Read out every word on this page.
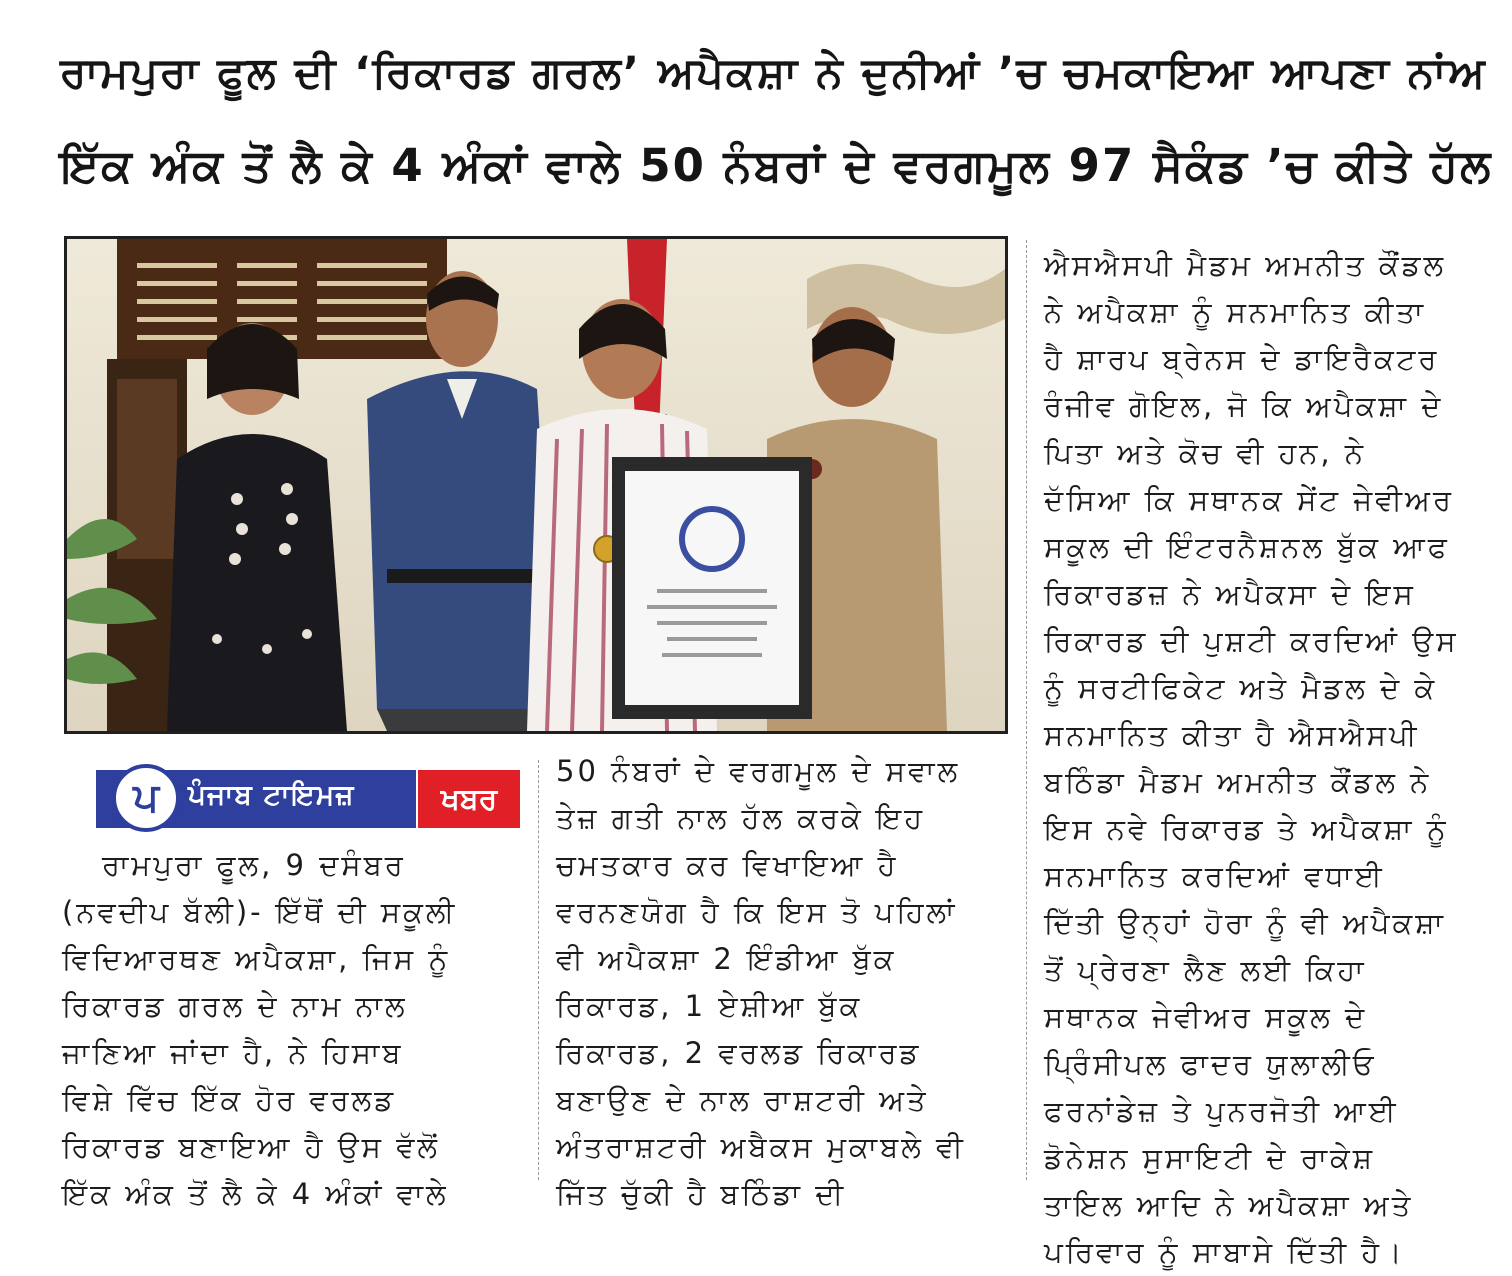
ਰਾਮਪੁਰਾ ਫੂਲ ਦੀ ‘ਰਿਕਾਰਡ ਗਰਲ’ ਅਪੈਕਸ਼ਾ ਨੇ ਦੁਨੀਆਂ ’ਚ ਚਮਕਾਇਆ ਆਪਣਾ ਨਾਂਅ
ਇੱਕ ਅੰਕ ਤੋਂ ਲੈ ਕੇ 4 ਅੰਕਾਂ ਵਾਲੇ 50 ਨੰਬਰਾਂ ਦੇ ਵਰਗਮੂਲ 97 ਸੈਕੰਡ ’ਚ ਕੀਤੇ ਹੱਲ
ਪ ਪੰਜਾਬ ਟਾਇਮਜ਼	ਖਬਰ

ਰਾਮਪੁਰਾ ਫੂਲ, 9 ਦਸੰਬਰ

(ਨਵਦੀਪ ਬੱਲੀ)- ਇੱਥੋਂ ਦੀ ਸਕੂਲੀ

ਵਿਦਿਆਰਥਣ ਅਪੈਕਸ਼ਾ, ਜਿਸ ਨੂੰ

ਰਿਕਾਰਡ ਗਰਲ ਦੇ ਨਾਮ ਨਾਲ

ਜਾਣਿਆ ਜਾਂਦਾ ਹੈ, ਨੇ ਹਿਸਾਬ

ਵਿਸ਼ੇ ਵਿੱਚ ਇੱਕ ਹੋਰ ਵਰਲਡ

ਰਿਕਾਰਡ ਬਣਾਇਆ ਹੈ ਉਸ ਵੱਲੋਂ

ਇੱਕ ਅੰਕ ਤੋਂ ਲੈ ਕੇ 4 ਅੰਕਾਂ ਵਾਲੇ

50 ਨੰਬਰਾਂ ਦੇ ਵਰਗਮੂਲ ਦੇ ਸਵਾਲ

ਤੇਜ਼ ਗਤੀ ਨਾਲ ਹੱਲ ਕਰਕੇ ਇਹ

ਚਮਤਕਾਰ ਕਰ ਵਿਖਾਇਆ ਹੈ

ਵਰਨਣਯੋਗ ਹੈ ਕਿ ਇਸ ਤੋ ਪਹਿਲਾਂ

ਵੀ ਅਪੈਕਸ਼ਾ 2 ਇੰਡੀਆ ਬੁੱਕ

ਰਿਕਾਰਡ, 1 ਏਸ਼ੀਆ ਬੁੱਕ

ਰਿਕਾਰਡ, 2 ਵਰਲਡ ਰਿਕਾਰਡ

ਬਣਾਉਣ ਦੇ ਨਾਲ ਰਾਸ਼ਟਰੀ ਅਤੇ

ਅੰਤਰਾਸ਼ਟਰੀ ਅਬੈਕਸ ਮੁਕਾਬਲੇ ਵੀ

ਜਿੱਤ ਚੁੱਕੀ ਹੈ ਬਠਿੰਡਾ ਦੀ

ਐਸਐਸਪੀ ਮੈਡਮ ਅਮਨੀਤ ਕੌਂਡਲ

ਨੇ ਅਪੈਕਸ਼ਾ ਨੂੰ ਸਨਮਾਨਿਤ ਕੀਤਾ

ਹੈ ਸ਼ਾਰਪ ਬ੍ਰੇਨਸ ਦੇ ਡਾਇਰੈਕਟਰ

ਰੰਜੀਵ ਗੋਇਲ, ਜੋ ਕਿ ਅਪੈਕਸ਼ਾ ਦੇ

ਪਿਤਾ ਅਤੇ ਕੋਚ ਵੀ ਹਨ, ਨੇ

ਦੱਸਿਆ ਕਿ ਸਥਾਨਕ ਸੇਂਟ ਜੇਵੀਅਰ

ਸਕੂਲ ਦੀ ਇੰਟਰਨੈਸ਼ਨਲ ਬੁੱਕ ਆਫ

ਰਿਕਾਰਡਜ਼ ਨੇ ਅਪੈਕਸਾ ਦੇ ਇਸ

ਰਿਕਾਰਡ ਦੀ ਪੁਸ਼ਟੀ ਕਰਦਿਆਂ ਉਸ

ਨੂੰ ਸਰਟੀਫਿਕੇਟ ਅਤੇ ਮੈਡਲ ਦੇ ਕੇ

ਸਨਮਾਨਿਤ ਕੀਤਾ ਹੈ ਐਸਐਸਪੀ

ਬਠਿੰਡਾ ਮੈਡਮ ਅਮਨੀਤ ਕੌਂਡਲ ਨੇ

ਇਸ ਨਵੇ ਰਿਕਾਰਡ ਤੇ ਅਪੈਕਸ਼ਾ ਨੂੰ

ਸਨਮਾਨਿਤ ਕਰਦਿਆਂ ਵਧਾਈ

ਦਿੱਤੀ ਉਨ੍ਹਾਂ ਹੋਰਾ ਨੂੰ ਵੀ ਅਪੈਕਸ਼ਾ

ਤੋਂ ਪ੍ਰੇਰਣਾ ਲੈਣ ਲਈ ਕਿਹਾ

ਸਥਾਨਕ ਜੇਵੀਅਰ ਸਕੂਲ ਦੇ

ਪ੍ਰਿੰਸੀਪਲ ਫਾਦਰ ਯੁਲਾਲੀਓ

ਫਰਨਾਂਡੇਜ਼ ਤੇ ਪੁਨਰਜੋਤੀ ਆਈ

ਡੋਨੇਸ਼ਨ ਸੁਸਾਇਟੀ ਦੇ ਰਾਕੇਸ਼

ਤਾਇਲ ਆਦਿ ਨੇ ਅਪੈਕਸ਼ਾ ਅਤੇ

ਪਰਿਵਾਰ ਨੂੰ ਸਾਬਾਸੇ ਦਿੱਤੀ ਹੈ।
